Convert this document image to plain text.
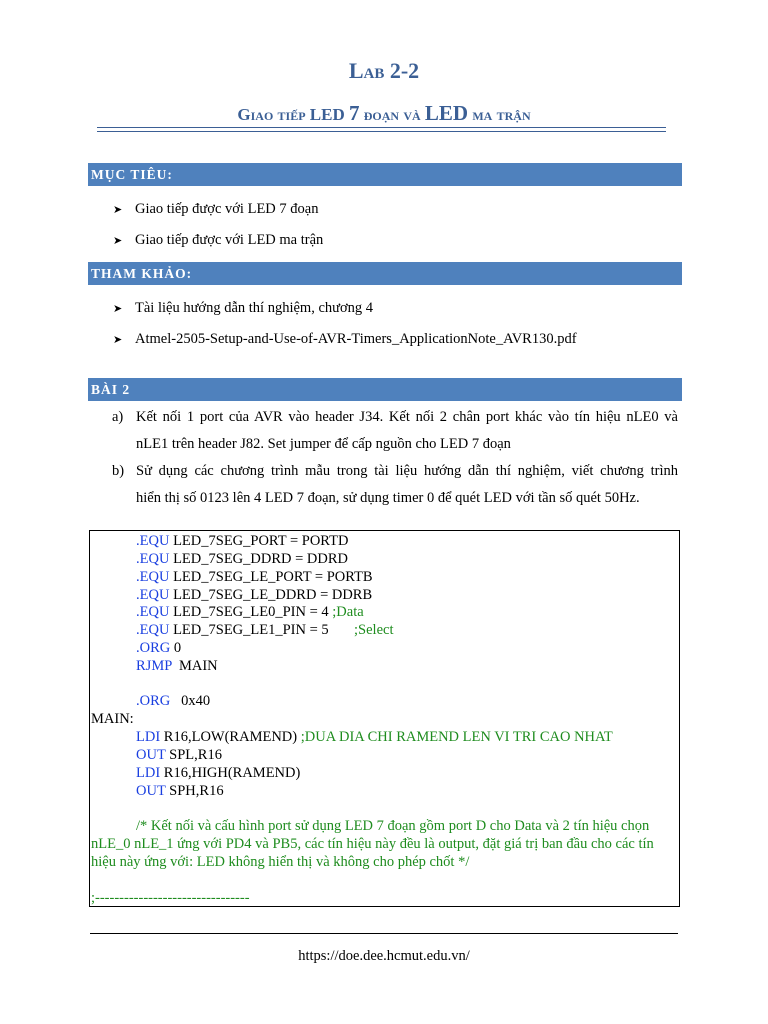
Lab 2-2
Giao tiếp LED 7 đoạn và LED ma trận
MỤC TIÊU:
➤ Giao tiếp được với LED 7 đoạn
➤ Giao tiếp được với LED ma trận
THAM KHẢO:
➤ Tài liệu hướng dẫn thí nghiệm, chương 4
➤ Atmel-2505-Setup-and-Use-of-AVR-Timers_ApplicationNote_AVR130.pdf
BÀI 2
a) Kết nối 1 port của AVR vào header J34. Kết nối 2 chân port khác vào tín hiệu nLE0 và
nLE1 trên header J82. Set jumper để cấp nguồn cho LED 7 đoạn
b) Sử dụng các chương trình mẫu trong tài liệu hướng dẫn thí nghiệm, viết chương trình
hiển thị số 0123 lên 4 LED 7 đoạn, sử dụng timer 0 để quét LED với tần số quét 50Hz.
.EQU LED_7SEG_PORT = PORTD
.EQU LED_7SEG_DDRD = DDRD
.EQU LED_7SEG_LE_PORT = PORTB
.EQU LED_7SEG_LE_DDRD = DDRB
.EQU LED_7SEG_LE0_PIN = 4 ;Data
.EQU LED_7SEG_LE1_PIN = 5       ;Select
.ORG 0
RJMP  MAIN
.ORG   0x40
MAIN:
LDI R16,LOW(RAMEND) ;DUA DIA CHI RAMEND LEN VI TRI CAO NHAT
OUT SPL,R16
LDI R16,HIGH(RAMEND)
OUT SPH,R16
/* Kết nối và cấu hình port sử dụng LED 7 đoạn gồm port D cho Data và 2 tín hiệu chọn
nLE_0 nLE_1 ứng với PD4 và PB5, các tín hiệu này đều là output, đặt giá trị ban đầu cho các tín
hiệu này ứng với: LED không hiển thị và không cho phép chốt */
;--------------------------------
https://doe.dee.hcmut.edu.vn/
